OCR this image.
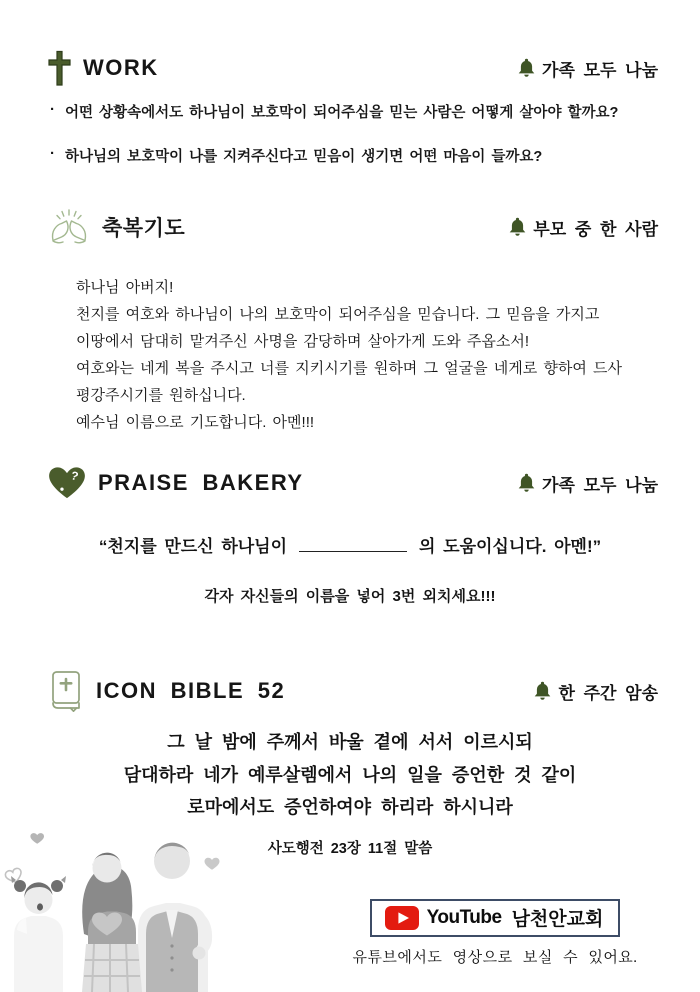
WORK	가족 모두 나눔
· 어떤 상황속에서도 하나님이 보호막이 되어주심을 믿는 사람은 어떻게 살아야 할까요?
· 하나님의 보호막이 나를 지켜주신다고 믿음이 생기면 어떤 마음이 들까요?
축복기도	부모 중 한 사람
하나님 아버지!
천지를 여호와 하나님이 나의 보호막이 되어주심을 믿습니다. 그 믿음을 가지고
이땅에서 담대히 맡겨주신 사명을 감당하며 살아가게 도와 주옵소서!
여호와는 네게 복을 주시고 너를 지키시기를 원하며 그 얼굴을 네게로 향하여 드사
평강주시기를 원하십니다.
예수님 이름으로 기도합니다. 아멘!!!
? PRAISE BAKERY	가족 모두 나눔
“천지를 만드신 하나님이	의 도움이십니다. 아멘!”
각자 자신들의 이름을 넣어 3번 외치세요!!!
ICON BIBLE 52	한 주간 암송
그 날 밤에 주께서 바울 곁에 서서 이르시되
담대하라 네가 예루살렘에서 나의 일을 증언한 것 같이
로마에서도 증언하여야 하리라 하시니라
사도행전 23장 11절 말씀
YouTube 남천안교회
유튜브에서도 영상으로 보실 수 있어요.
